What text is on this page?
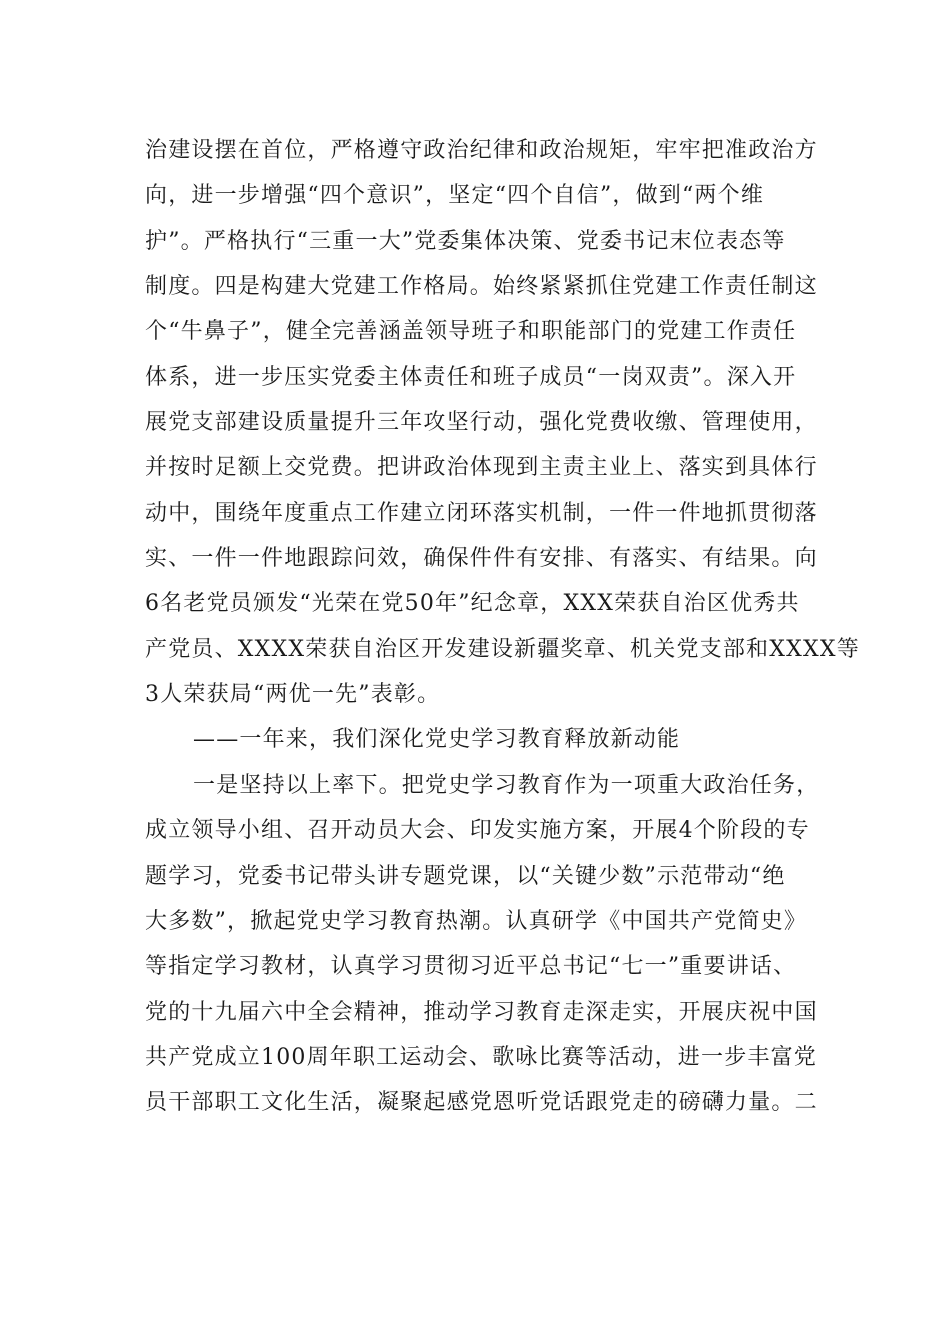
治建设摆在首位，严格遵守政治纪律和政治规矩，牢牢把准政治方
向，进一步增强“四个意识”，坚定“四个自信”，做到“两个维
护”。严格执行“三重一大”党委集体决策、党委书记末位表态等
制度。四是构建大党建工作格局。始终紧紧抓住党建工作责任制这
个“牛鼻子”，健全完善涵盖领导班子和职能部门的党建工作责任
体系，进一步压实党委主体责任和班子成员“一岗双责”。深入开
展党支部建设质量提升三年攻坚行动，强化党费收缴、管理使用，
并按时足额上交党费。把讲政治体现到主责主业上、落实到具体行
动中，围绕年度重点工作建立闭环落实机制，一件一件地抓贯彻落
实、一件一件地跟踪问效，确保件件有安排、有落实、有结果。向
6名老党员颁发“光荣在党50年”纪念章，XXX荣获自治区优秀共
产党员、XXXX荣获自治区开发建设新疆奖章、机关党支部和XXXX等
3人荣获局“两优一先”表彰。
——一年来，我们深化党史学习教育释放新动能
一是坚持以上率下。把党史学习教育作为一项重大政治任务，
成立领导小组、召开动员大会、印发实施方案，开展4个阶段的专
题学习，党委书记带头讲专题党课，以“关键少数”示范带动“绝
大多数”，掀起党史学习教育热潮。认真研学《中国共产党简史》
等指定学习教材，认真学习贯彻习近平总书记“七一”重要讲话、
党的十九届六中全会精神，推动学习教育走深走实，开展庆祝中国
共产党成立100周年职工运动会、歌咏比赛等活动，进一步丰富党
员干部职工文化生活，凝聚起感党恩听党话跟党走的磅礴力量。二
